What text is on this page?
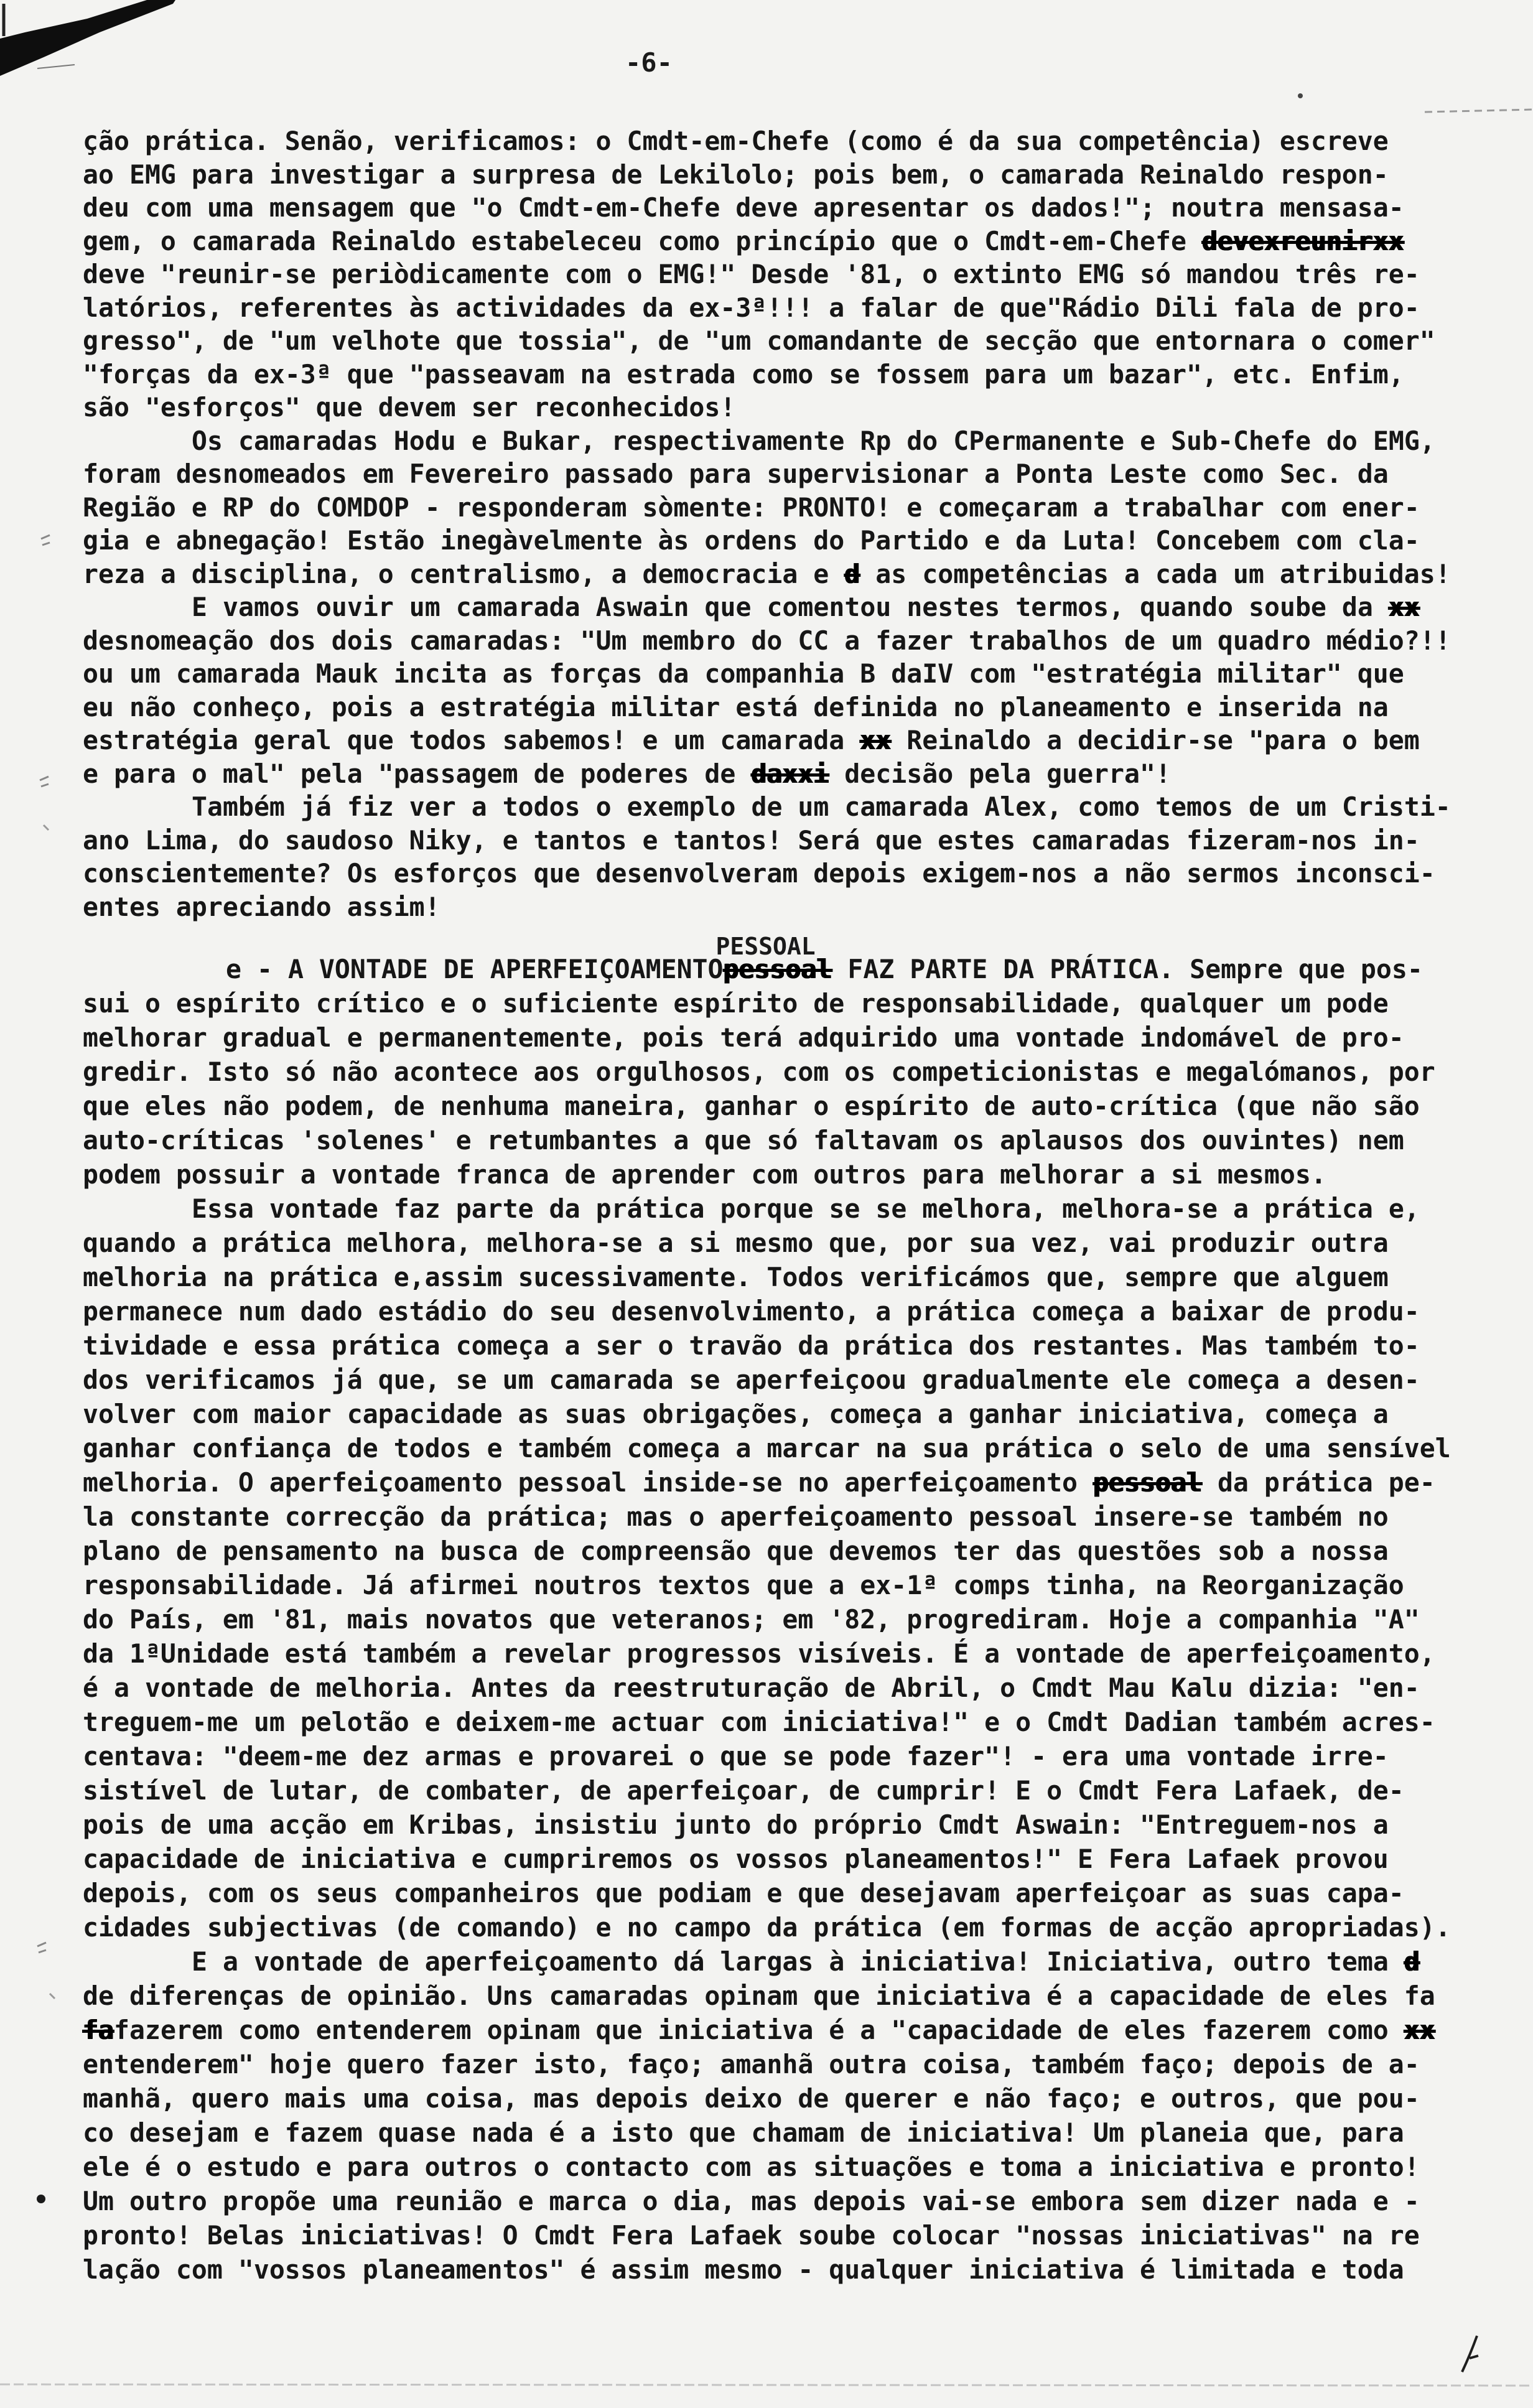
-6-
ção prática. Senão, verificamos: o Cmdt-em-Chefe (como é da sua competência) escreve
ao EMG para investigar a surpresa de Lekilolo; pois bem, o camarada Reinaldo respon-
deu com uma mensagem que "o Cmdt-em-Chefe deve apresentar os dados!"; noutra mensasa-
gem, o camarada Reinaldo estabeleceu como princípio que o Cmdt-em-Chefe devexreunirxx
deve "reunir-se periòdicamente com o EMG!" Desde '81, o extinto EMG só mandou três re-
latórios, referentes às actividades da ex-3ª!!! a falar de que"Rádio Dili fala de pro-
gresso", de "um velhote que tossia", de "um comandante de secção que entornara o comer"
"forças da ex-3ª que "passeavam na estrada como se fossem para um bazar", etc. Enfim,
são "esforços" que devem ser reconhecidos!
Os camaradas Hodu e Bukar, respectivamente Rp do CPermanente e Sub-Chefe do EMG,
foram desnomeados em Fevereiro passado para supervisionar a Ponta Leste como Sec. da
Região e RP do COMDOP - responderam sòmente: PRONTO! e começaram a trabalhar com ener-
gia e abnegação! Estão inegàvelmente às ordens do Partido e da Luta! Concebem com cla-
reza a disciplina, o centralismo, a democracia e d as competências a cada um atribuidas!
E vamos ouvir um camarada Aswain que comentou nestes termos, quando soube da xx
desnomeação dos dois camaradas: "Um membro do CC a fazer trabalhos de um quadro médio?!!
ou um camarada Mauk incita as forças da companhia B daIV com "estratégia militar" que
eu não conheço, pois a estratégia militar está definida no planeamento e inserida na
estratégia geral que todos sabemos! e um camarada xx Reinaldo a decidir-se "para o bem
e para o mal" pela "passagem de poderes de daxxi decisão pela guerra"!
Também já fiz ver a todos o exemplo de um camarada Alex, como temos de um Cristi-
ano Lima, do saudoso Niky, e tantos e tantos! Será que estes camaradas fizeram-nos in-
conscientemente? Os esforços que desenvolveram depois exigem-nos a não sermos inconsci-
entes apreciando assim!
e - A VONTADE DE APERFEIÇOAMENTOpessoal
PESSOAL
FAZ PARTE DA PRÁTICA. Sempre que pos-
sui o espírito crítico e o suficiente espírito de responsabilidade, qualquer um pode
melhorar gradual e permanentemente, pois terá adquirido uma vontade indomável de pro-
gredir. Isto só não acontece aos orgulhosos, com os competicionistas e megalómanos, por
que eles não podem, de nenhuma maneira, ganhar o espírito de auto-crítica (que não são
auto-críticas 'solenes' e retumbantes a que só faltavam os aplausos dos ouvintes) nem
podem possuir a vontade franca de aprender com outros para melhorar a si mesmos.
Essa vontade faz parte da prática porque se se melhora, melhora-se a prática e,
quando a prática melhora, melhora-se a si mesmo que, por sua vez, vai produzir outra
melhoria na prática e,assim sucessivamente. Todos verificámos que, sempre que alguem
permanece num dado estádio do seu desenvolvimento, a prática começa a baixar de produ-
tividade e essa prática começa a ser o travão da prática dos restantes. Mas também to-
dos verificamos já que, se um camarada se aperfeiçoou gradualmente ele começa a desen-
volver com maior capacidade as suas obrigações, começa a ganhar iniciativa, começa a
ganhar confiança de todos e também começa a marcar na sua prática o selo de uma sensível
melhoria. O aperfeiçoamento pessoal inside-se no aperfeiçoamento pessoal da prática pe-
la constante correcção da prática; mas o aperfeiçoamento pessoal insere-se também no
plano de pensamento na busca de compreensão que devemos ter das questões sob a nossa
responsabilidade. Já afirmei noutros textos que a ex-1ª comps tinha, na Reorganização
do País, em '81, mais novatos que veteranos; em '82, progrediram. Hoje a companhia "A"
da 1ªUnidade está também a revelar progressos visíveis. É a vontade de aperfeiçoamento,
é a vontade de melhoria. Antes da reestruturação de Abril, o Cmdt Mau Kalu dizia: "en-
treguem-me um pelotão e deixem-me actuar com iniciativa!" e o Cmdt Dadian também acres-
centava: "deem-me dez armas e provarei o que se pode fazer"! - era uma vontade irre-
sistível de lutar, de combater, de aperfeiçoar, de cumprir! E o Cmdt Fera Lafaek, de-
pois de uma acção em Kribas, insistiu junto do próprio Cmdt Aswain: "Entreguem-nos a
capacidade de iniciativa e cumpriremos os vossos planeamentos!" E Fera Lafaek provou
depois, com os seus companheiros que podiam e que desejavam aperfeiçoar as suas capa-
cidades subjectivas (de comando) e no campo da prática (em formas de acção apropriadas).
E a vontade de aperfeiçoamento dá largas à iniciativa! Iniciativa, outro tema d
de diferenças de opinião. Uns camaradas opinam que iniciativa é a capacidade de eles fa
fafazerem como entenderem opinam que iniciativa é a "capacidade de eles fazerem como xx
entenderem" hoje quero fazer isto, faço; amanhã outra coisa, também faço; depois de a-
manhã, quero mais uma coisa, mas depois deixo de querer e não faço; e outros, que pou-
co desejam e fazem quase nada é a isto que chamam de iniciativa! Um planeia que, para
ele é o estudo e para outros o contacto com as situações e toma a iniciativa e pronto!
Um outro propõe uma reunião e marca o dia, mas depois vai-se embora sem dizer nada e -
pronto! Belas iniciativas! O Cmdt Fera Lafaek soube colocar "nossas iniciativas" na re
lação com "vossos planeamentos" é assim mesmo - qualquer iniciativa é limitada e toda
